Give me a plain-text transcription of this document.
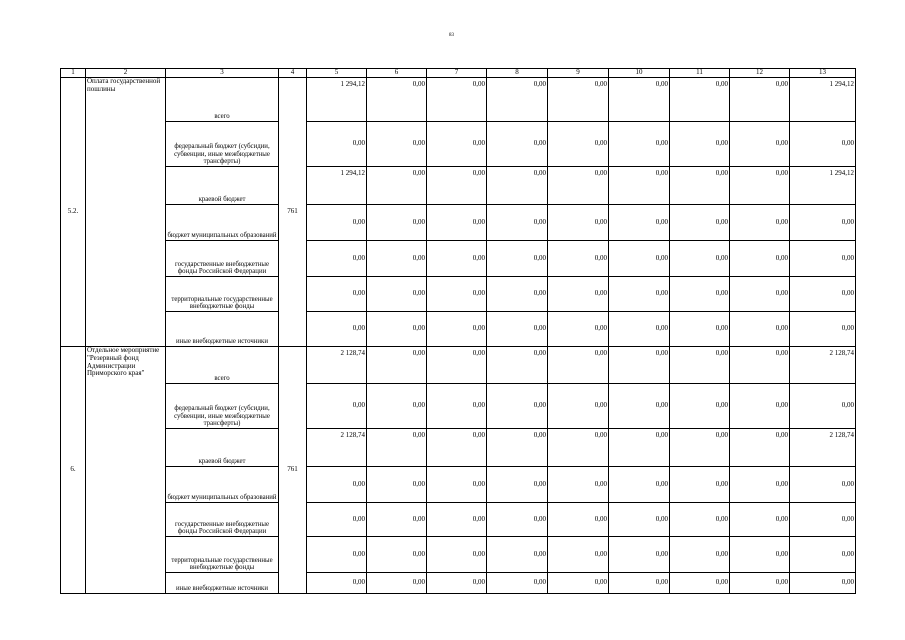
83
1	2	3	4	5	6	7	8	9	10	11	12	13
5.2.	Оплата государственной пошлины	всего	761	1 294,12	0,00	0,00	0,00	0,00	0,00	0,00	0,00	1 294,12
		федеральный бюджет (субсидии, субвенции, иные межбюджетные трансферты)		0,00	0,00	0,00	0,00	0,00	0,00	0,00	0,00	0,00
		краевой бюджет		1 294,12	0,00	0,00	0,00	0,00	0,00	0,00	0,00	1 294,12
		бюджет муниципальных образований		0,00	0,00	0,00	0,00	0,00	0,00	0,00	0,00	0,00
		государственные внебюджетные фонды Российской Федерации		0,00	0,00	0,00	0,00	0,00	0,00	0,00	0,00	0,00
		территориальные государственные внебюджетные фонды		0,00	0,00	0,00	0,00	0,00	0,00	0,00	0,00	0,00
		иные внебюджетные источники		0,00	0,00	0,00	0,00	0,00	0,00	0,00	0,00	0,00
6.	Отдельное мероприятие "Резервный фонд Администрации Приморского края"	всего	761	2 128,74	0,00	0,00	0,00	0,00	0,00	0,00	0,00	2 128,74
		федеральный бюджет (субсидии, субвенции, иные межбюджетные трансферты)		0,00	0,00	0,00	0,00	0,00	0,00	0,00	0,00	0,00
		краевой бюджет		2 128,74	0,00	0,00	0,00	0,00	0,00	0,00	0,00	2 128,74
		бюджет муниципальных образований		0,00	0,00	0,00	0,00	0,00	0,00	0,00	0,00	0,00
		государственные внебюджетные фонды Российской Федерации		0,00	0,00	0,00	0,00	0,00	0,00	0,00	0,00	0,00
		территориальные государственные внебюджетные фонды		0,00	0,00	0,00	0,00	0,00	0,00	0,00	0,00	0,00
		иные внебюджетные источники		0,00	0,00	0,00	0,00	0,00	0,00	0,00	0,00	0,00
